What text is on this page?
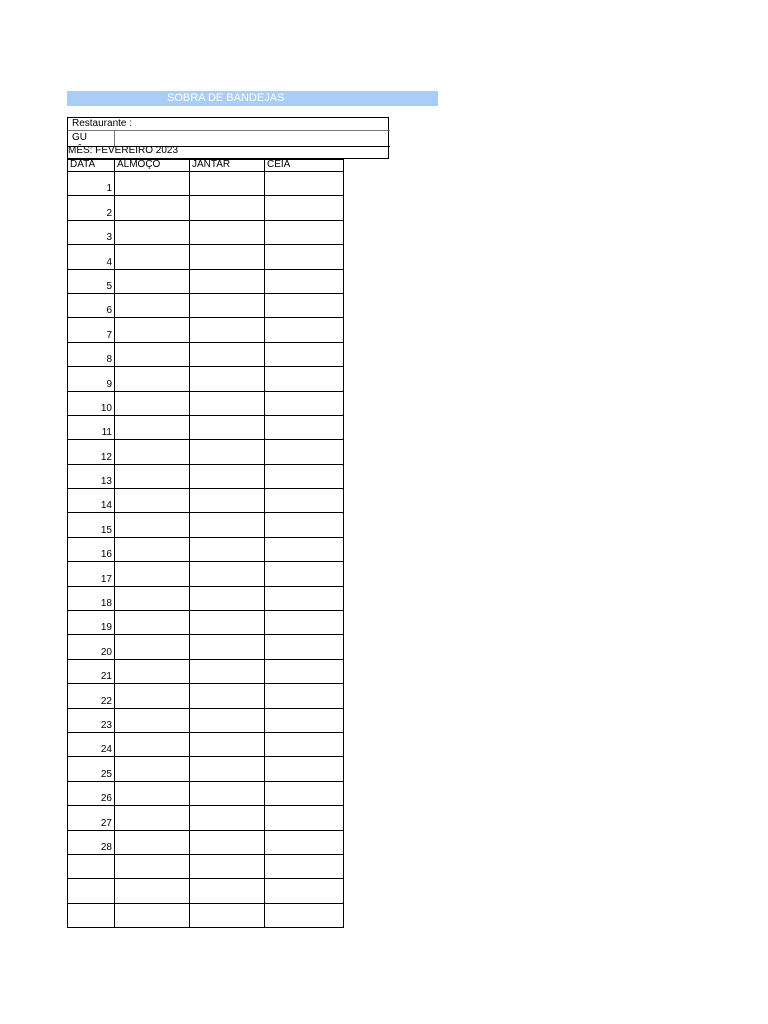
SOBRA DE BANDEJAS
Restaurante :
GU
MÊS: FEVEREIRO 2023
DATA	ALMOÇO	JANTAR	CEIA
1			
2			
3			
4			
5			
6			
7			
8			
9			
10			
11			
12			
13			
14			
15			
16			
17			
18			
19			
20			
21			
22			
23			
24			
25			
26			
27			
28			
